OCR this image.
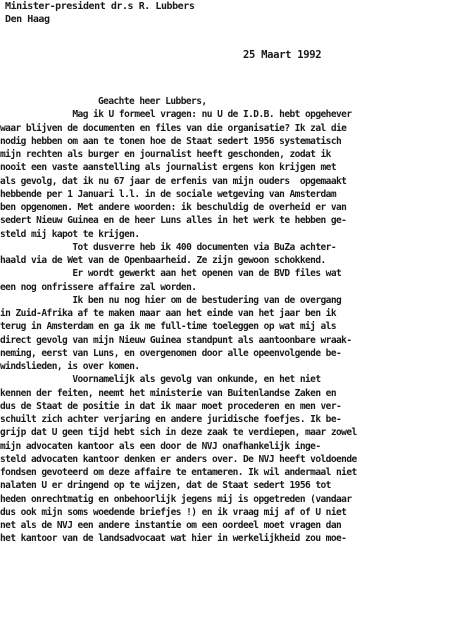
Minister-president dr.s R. Lubbers
Den Haag

25 Maart 1992

Geachte heer Lubbers,
Mag ik U formeel vragen: nu U de I.D.B. hebt opgehever
waar blijven de documenten en files van die organisatie? Ik zal die
nodig hebben om aan te tonen hoe de Staat sedert 1956 systematisch
mijn rechten als burger en journalist heeft geschonden, zodat ik
nooit een vaste aanstelling als journalist ergens kon krijgen met
als gevolg, dat ik nu 67 jaar de erfenis van mijn ouders  opgemaakt
hebbende per 1 Januari l.l. in de sociale wetgeving van Amsterdam
ben opgenomen. Met andere woorden: ik beschuldig de overheid er van
sedert Nieuw Guinea en de heer Luns alles in het werk te hebben ge-
steld mij kapot te krijgen.
Tot dusverre heb ik 400 documenten via BuZa achter-
haald via de Wet van de Openbaarheid. Ze zijn gewoon schokkend.
Er wordt gewerkt aan het openen van de BVD files wat
een nog onfrissere affaire zal worden.
Ik ben nu nog hier om de bestudering van de overgang
in Zuid-Afrika af te maken maar aan het einde van het jaar ben ik
terug in Amsterdam en ga ik me full-time toeleggen op wat mij als
direct gevolg van mijn Nieuw Guinea standpunt als aantoonbare wraak-
neming, eerst van Luns, en overgenomen door alle opeenvolgende be-
windslieden, is over komen.
Voornamelijk als gevolg van onkunde, en het niet
kennen der feiten, neemt het ministerie van Buitenlandse Zaken en
dus de Staat de positie in dat ik maar moet procederen en men ver-
schuilt zich achter verjaring en andere juridische foefjes. Ik be-
grijp dat U geen tijd hebt sich in deze zaak te verdiepen, maar zowel
mijn advocaten kantoor als een door de NVJ onafhankelijk inge-
steld advocaten kantoor denken er anders over. De NVJ heeft voldoende
fondsen gevoteerd om deze affaire te entameren. Ik wil andermaal niet
nalaten U er dringend op te wijzen, dat de Staat sedert 1956 tot
heden onrechtmatig en onbehoorlijk jegens mij is opgetreden (vandaar
dus ook mijn soms woedende briefjes !) en ik vraag mij af of U niet
net als de NVJ een andere instantie om een oordeel moet vragen dan
het kantoor van de landsadvocaat wat hier in werkelijkheid zou moe-
